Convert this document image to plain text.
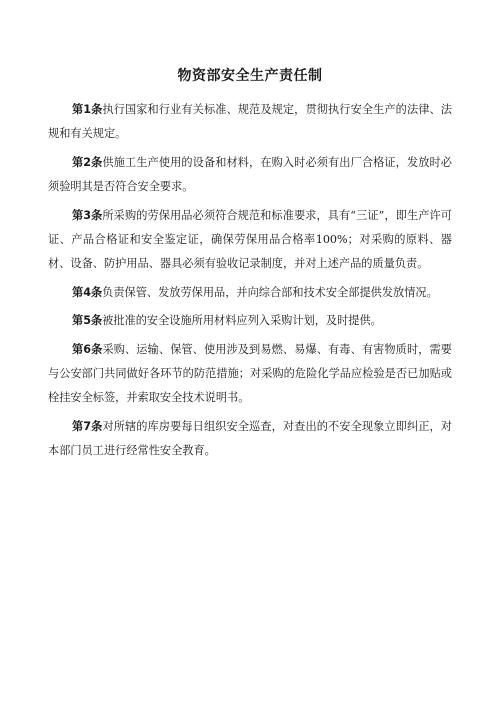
物资部安全生产责任制

第1条执行国家和行业有关标准、规范及规定，贯彻执行安全生产的法律、法规和有关规定。

第2条供施工生产使用的设备和材料，在购入时必须有出厂合格证，发放时必须验明其是否符合安全要求。

第3条所采购的劳保用品必须符合规范和标准要求，具有“三证”，即生产许可证、产品合格证和安全鉴定证，确保劳保用品合格率100%；对采购的原料、器材、设备、防护用品、器具必须有验收记录制度，并对上述产品的质量负责。

第4条负责保管、发放劳保用品，并向综合部和技术安全部提供发放情况。

第5条被批准的安全设施所用材料应列入采购计划，及时提供。

第6条采购、运输、保管、使用涉及到易燃、易爆、有毒、有害物质时，需要与公安部门共同做好各环节的防范措施；对采购的危险化学品应检验是否已加贴或栓挂安全标签，并索取安全技术说明书。

第7条对所辖的库房要每日组织安全巡查，对查出的不安全现象立即纠正，对本部门员工进行经常性安全教育。
